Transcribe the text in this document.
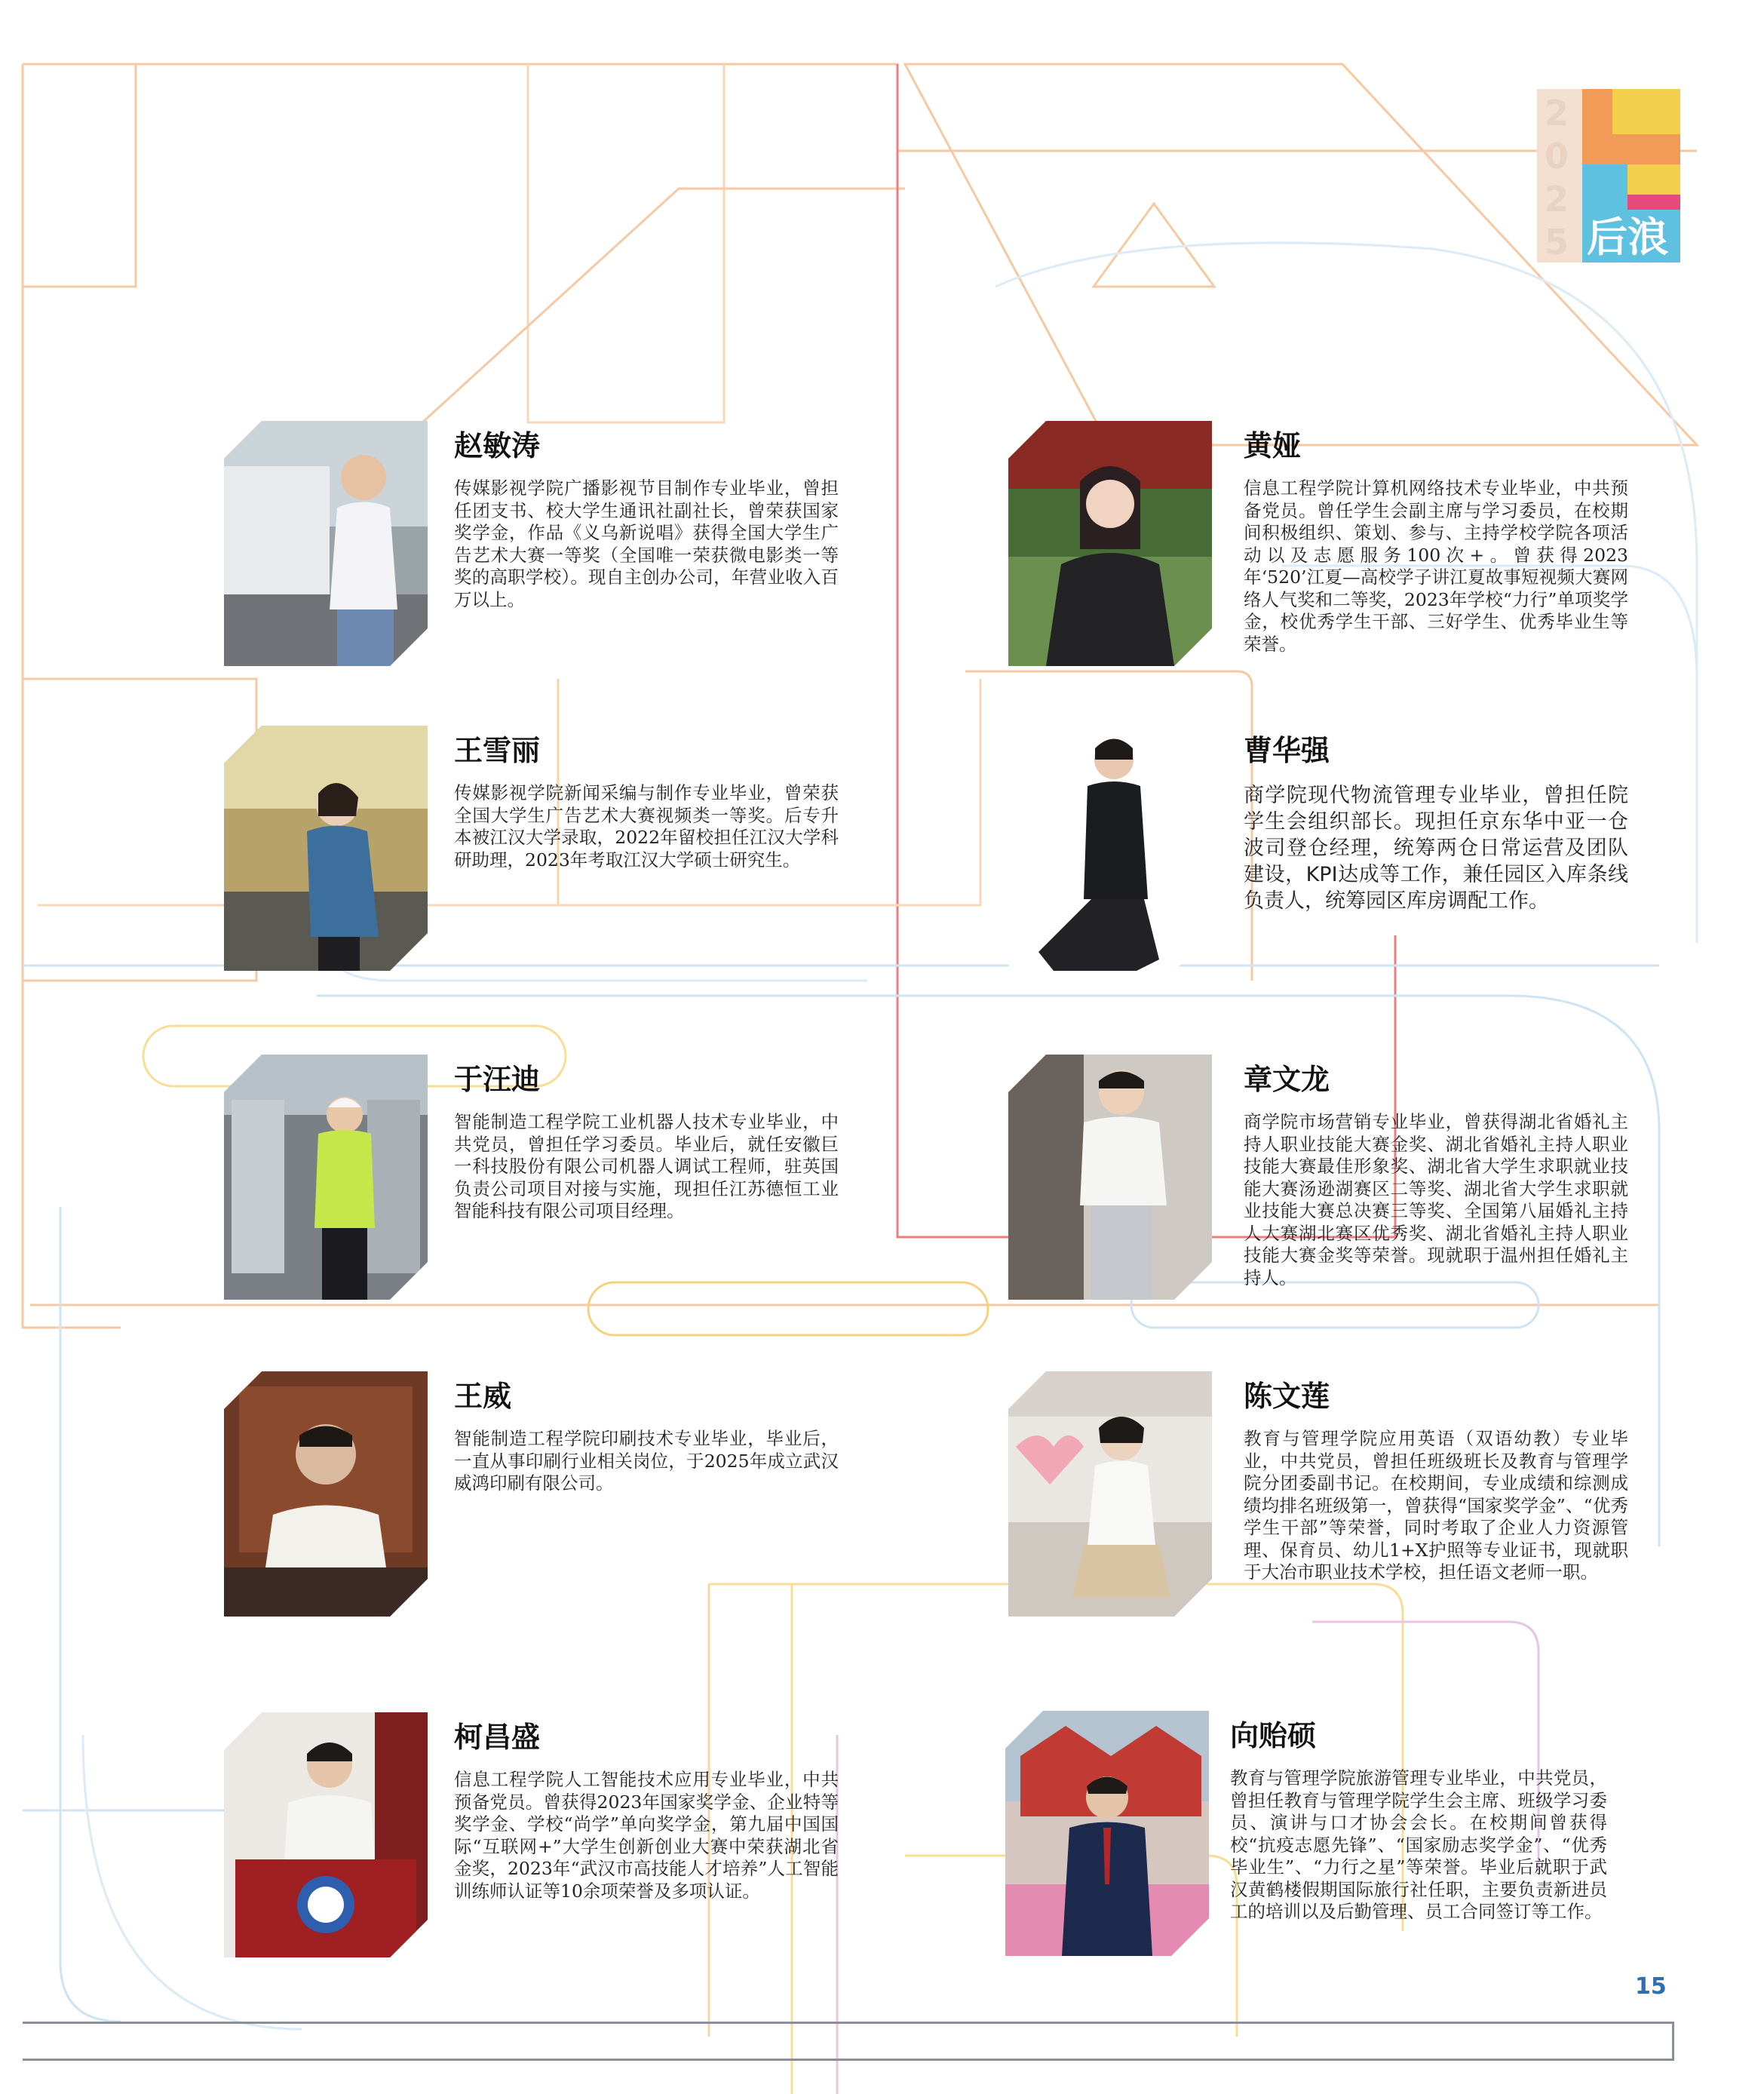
2
0
2
5 后浪
赵敏涛

传媒影视学院广播影视节目制作专业毕业，曾担任团支书、校大学生通讯社副社长，曾荣获国家奖学金，作品《义乌新说唱》获得全国大学生广告艺术大赛一等奖（全国唯一荣获微电影类一等奖的高职学校）。现自主创办公司，年营业收入百万以上。

黄娅

信息工程学院计算机网络技术专业毕业，中共预备党员。曾任学生会副主席与学习委员，在校期间积极组织、策划、参与、主持学校学院各项活动以及志愿服务100次+。曾获得2023年‘520’江夏—高校学子讲江夏故事短视频大赛网络人气奖和二等奖，2023年学校“力行”单项奖学金，校优秀学生干部、三好学生、优秀毕业生等荣誉。

王雪丽

传媒影视学院新闻采编与制作专业毕业，曾荣获全国大学生广告艺术大赛视频类一等奖。后专升本被江汉大学录取，2022年留校担任江汉大学科研助理，2023年考取江汉大学硕士研究生。

曹华强

商学院现代物流管理专业毕业，曾担任院学生会组织部长。现担任京东华中亚一仓波司登仓经理，统筹两仓日常运营及团队建设，KPI达成等工作，兼任园区入库条线负责人，统筹园区库房调配工作。

于汪迪

智能制造工程学院工业机器人技术专业毕业，中共党员，曾担任学习委员。毕业后，就任安徽巨一科技股份有限公司机器人调试工程师，驻英国负责公司项目对接与实施，现担任江苏德恒工业智能科技有限公司项目经理。

章文龙

商学院市场营销专业毕业，曾获得湖北省婚礼主持人职业技能大赛金奖、湖北省婚礼主持人职业技能大赛最佳形象奖、湖北省大学生求职就业技能大赛汤逊湖赛区二等奖、湖北省大学生求职就业技能大赛总决赛三等奖、全国第八届婚礼主持人大赛湖北赛区优秀奖、湖北省婚礼主持人职业技能大赛金奖等荣誉。现就职于温州担任婚礼主持人。

王威

智能制造工程学院印刷技术专业毕业，毕业后，一直从事印刷行业相关岗位，于2025年成立武汉威鸿印刷有限公司。

陈文莲

教育与管理学院应用英语（双语幼教）专业毕业，中共党员，曾担任班级班长及教育与管理学院分团委副书记。在校期间，专业成绩和综测成绩均排名班级第一，曾获得“国家奖学金”、“优秀学生干部”等荣誉，同时考取了企业人力资源管理、保育员、幼儿1+X护照等专业证书，现就职于大冶市职业技术学校，担任语文老师一职。

柯昌盛

信息工程学院人工智能技术应用专业毕业，中共预备党员。曾获得2023年国家奖学金、企业特等奖学金、学校“尚学”单向奖学金，第九届中国国际“互联网+”大学生创新创业大赛中荣获湖北省金奖，2023年“武汉市高技能人才培养”人工智能训练师认证等10余项荣誉及多项认证。

向贻硕

教育与管理学院旅游管理专业毕业，中共党员，曾担任教育与管理学院学生会主席、班级学习委员、演讲与口才协会会长。在校期间曾获得校“抗疫志愿先锋”、“国家励志奖学金”、“优秀毕业生”、“力行之星”等荣誉。毕业后就职于武汉黄鹤楼假期国际旅行社任职，主要负责新进员工的培训以及后勤管理、员工合同签订等工作。

15
